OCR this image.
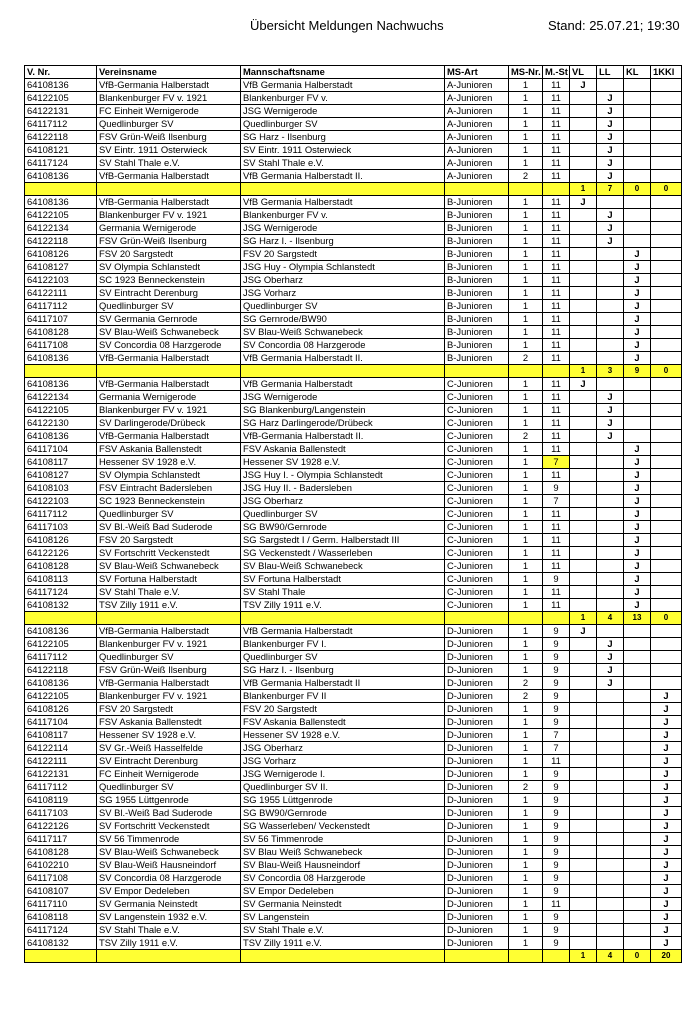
Übersicht Meldungen Nachwuchs	Stand: 25.07.21; 19:30
V. Nr.	Vereinsname	Mannschaftsname	MS-Art	MS-Nr.	M.-St	VL	LL	KL	1KKl
64108136	VfB-Germania Halberstadt	VfB Germania Halberstadt	A-Junioren	1	11	J			
64122105	Blankenburger FV v. 1921	Blankenburger FV v.	A-Junioren	1	11		J		
64122131	FC Einheit Wernigerode	JSG Wernigerode	A-Junioren	1	11		J		
64117112	Quedlinburger SV	Quedlinburger SV	A-Junioren	1	11		J		
64122118	FSV Grün-Weiß Ilsenburg	SG Harz - Ilsenburg	A-Junioren	1	11		J		
64108121	SV Eintr. 1911 Osterwieck	SV Eintr. 1911 Osterwieck	A-Junioren	1	11		J		
64117124	SV Stahl Thale e.V.	SV Stahl Thale e.V.	A-Junioren	1	11		J		
64108136	VfB-Germania Halberstadt	VfB Germania Halberstadt II.	A-Junioren	2	11		J		
						1	7	0	0
64108136	VfB-Germania Halberstadt	VfB Germania Halberstadt	B-Junioren	1	11	J			
64122105	Blankenburger FV v. 1921	Blankenburger FV v.	B-Junioren	1	11		J		
64122134	Germania Wernigerode	JSG Wernigerode	B-Junioren	1	11		J		
64122118	FSV Grün-Weiß Ilsenburg	SG Harz I. - Ilsenburg	B-Junioren	1	11		J		
64108126	FSV 20 Sargstedt	FSV 20 Sargstedt	B-Junioren	1	11			J	
64108127	SV Olympia Schlanstedt	JSG Huy - Olympia Schlanstedt	B-Junioren	1	11			J	
64122103	SC 1923 Benneckenstein	JSG Oberharz	B-Junioren	1	11			J	
64122111	SV Eintracht Derenburg	JSG Vorharz	B-Junioren	1	11			J	
64117112	Quedlinburger SV	Quedlinburger SV	B-Junioren	1	11			J	
64117107	SV Germania Gernrode	SG Gernrode/BW90	B-Junioren	1	11			J	
64108128	SV Blau-Weiß Schwanebeck	SV Blau-Weiß Schwanebeck	B-Junioren	1	11			J	
64117108	SV Concordia 08 Harzgerode	SV Concordia 08 Harzgerode	B-Junioren	1	11			J	
64108136	VfB-Germania Halberstadt	VfB Germania Halberstadt II.	B-Junioren	2	11			J	
						1	3	9	0
64108136	VfB-Germania Halberstadt	VfB Germania Halberstadt	C-Junioren	1	11	J			
64122134	Germania Wernigerode	JSG Wernigerode	C-Junioren	1	11		J		
64122105	Blankenburger FV v. 1921	SG Blankenburg/Langenstein	C-Junioren	1	11		J		
64122130	SV Darlingerode/Drübeck	SG Harz Darlingerode/Drübeck	C-Junioren	1	11		J		
64108136	VfB-Germania Halberstadt	VfB-Germania Halberstadt II.	C-Junioren	2	11		J		
64117104	FSV Askania Ballenstedt	FSV Askania Ballenstedt	C-Junioren	1	11			J	
64108117	Hessener SV 1928 e.V.	Hessener SV 1928 e.V.	C-Junioren	1	7			J	
64108127	SV Olympia Schlanstedt	JSG Huy I. - Olympia Schlanstedt	C-Junioren	1	11			J	
64108103	FSV Eintracht Badersleben	JSG Huy II. - Badersleben	C-Junioren	1	9			J	
64122103	SC 1923 Benneckenstein	JSG Oberharz	C-Junioren	1	7			J	
64117112	Quedlinburger SV	Quedlinburger SV	C-Junioren	1	11			J	
64117103	SV Bl.-Weiß Bad Suderode	SG BW90/Gernrode	C-Junioren	1	11			J	
64108126	FSV 20 Sargstedt	SG Sargstedt I / Germ. Halberstadt III	C-Junioren	1	11			J	
64122126	SV Fortschritt Veckenstedt	SG Veckenstedt / Wasserleben	C-Junioren	1	11			J	
64108128	SV Blau-Weiß Schwanebeck	SV Blau-Weiß Schwanebeck	C-Junioren	1	11			J	
64108113	SV Fortuna Halberstadt	SV Fortuna Halberstadt	C-Junioren	1	9			J	
64117124	SV Stahl Thale e.V.	SV Stahl Thale	C-Junioren	1	11			J	
64108132	TSV Zilly 1911 e.V.	TSV Zilly 1911 e.V.	C-Junioren	1	11			J	
						1	4	13	0
64108136	VfB-Germania Halberstadt	VfB Germania Halberstadt	D-Junioren	1	9	J			
64122105	Blankenburger FV v. 1921	Blankenburger FV I.	D-Junioren	1	9		J		
64117112	Quedlinburger SV	Quedlinburger SV	D-Junioren	1	9		J		
64122118	FSV Grün-Weiß Ilsenburg	SG Harz I. - Ilsenburg	D-Junioren	1	9		J		
64108136	VfB-Germania Halberstadt	VfB Germania Halberstadt II	D-Junioren	2	9		J		
64122105	Blankenburger FV v. 1921	Blankenburger FV II	D-Junioren	2	9				J
64108126	FSV 20 Sargstedt	FSV 20 Sargstedt	D-Junioren	1	9				J
64117104	FSV Askania Ballenstedt	FSV Askania Ballenstedt	D-Junioren	1	9				J
64108117	Hessener SV 1928 e.V.	Hessener SV 1928 e.V.	D-Junioren	1	7				J
64122114	SV Gr.-Weiß Hasselfelde	JSG Oberharz	D-Junioren	1	7				J
64122111	SV Eintracht Derenburg	JSG Vorharz	D-Junioren	1	11				J
64122131	FC Einheit Wernigerode	JSG Wernigerode I.	D-Junioren	1	9				J
64117112	Quedlinburger SV	Quedlinburger SV II.	D-Junioren	2	9				J
64108119	SG 1955 Lüttgenrode	SG 1955 Lüttgenrode	D-Junioren	1	9				J
64117103	SV Bl.-Weiß Bad Suderode	SG BW90/Gernrode	D-Junioren	1	9				J
64122126	SV Fortschritt Veckenstedt	SG Wasserleben/ Veckenstedt	D-Junioren	1	9				J
64117117	SV 56 Timmenrode	SV 56 Timmenrode	D-Junioren	1	9				J
64108128	SV Blau-Weiß Schwanebeck	SV Blau Weiß Schwanebeck	D-Junioren	1	9				J
64102210	SV Blau-Weiß Hausneindorf	SV Blau-Weiß Hausneindorf	D-Junioren	1	9				J
64117108	SV Concordia 08 Harzgerode	SV Concordia 08 Harzgerode	D-Junioren	1	9				J
64108107	SV Empor Dedeleben	SV Empor Dedeleben	D-Junioren	1	9				J
64117110	SV Germania Neinstedt	SV Germania Neinstedt	D-Junioren	1	11				J
64108118	SV Langenstein 1932 e.V.	SV Langenstein	D-Junioren	1	9				J
64117124	SV Stahl Thale e.V.	SV Stahl Thale e.V.	D-Junioren	1	9				J
64108132	TSV Zilly 1911 e.V.	TSV Zilly 1911 e.V.	D-Junioren	1	9				J
						1	4	0	20
